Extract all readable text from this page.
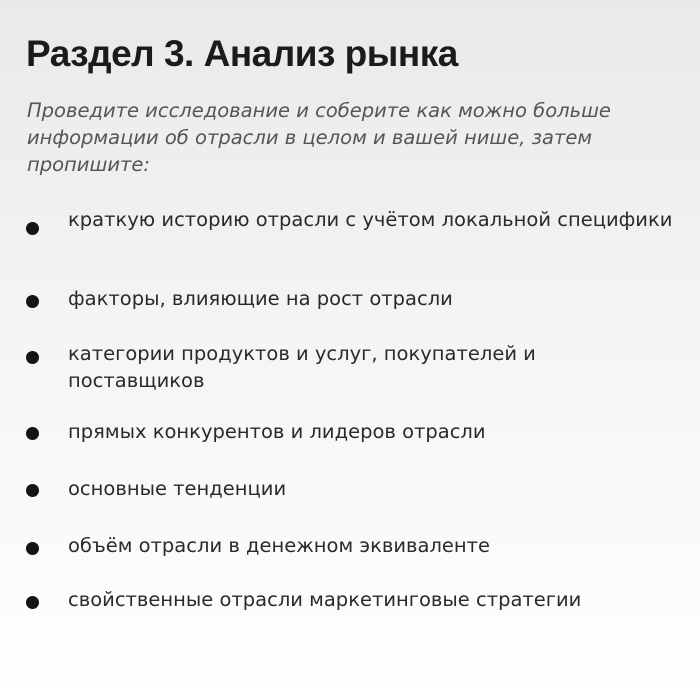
Раздел 3. Анализ рынка

Проведите исследование и соберите как можно больше информации об отрасли в целом и вашей нише, затем пропишите:

краткую историю отрасли с учётом локальной специфики
факторы, влияющие на рост отрасли
категории продуктов и услуг, покупателей и поставщиков
прямых конкурентов и лидеров отрасли
основные тенденции
объём отрасли в денежном эквиваленте
свойственные отрасли маркетинговые стратегии
